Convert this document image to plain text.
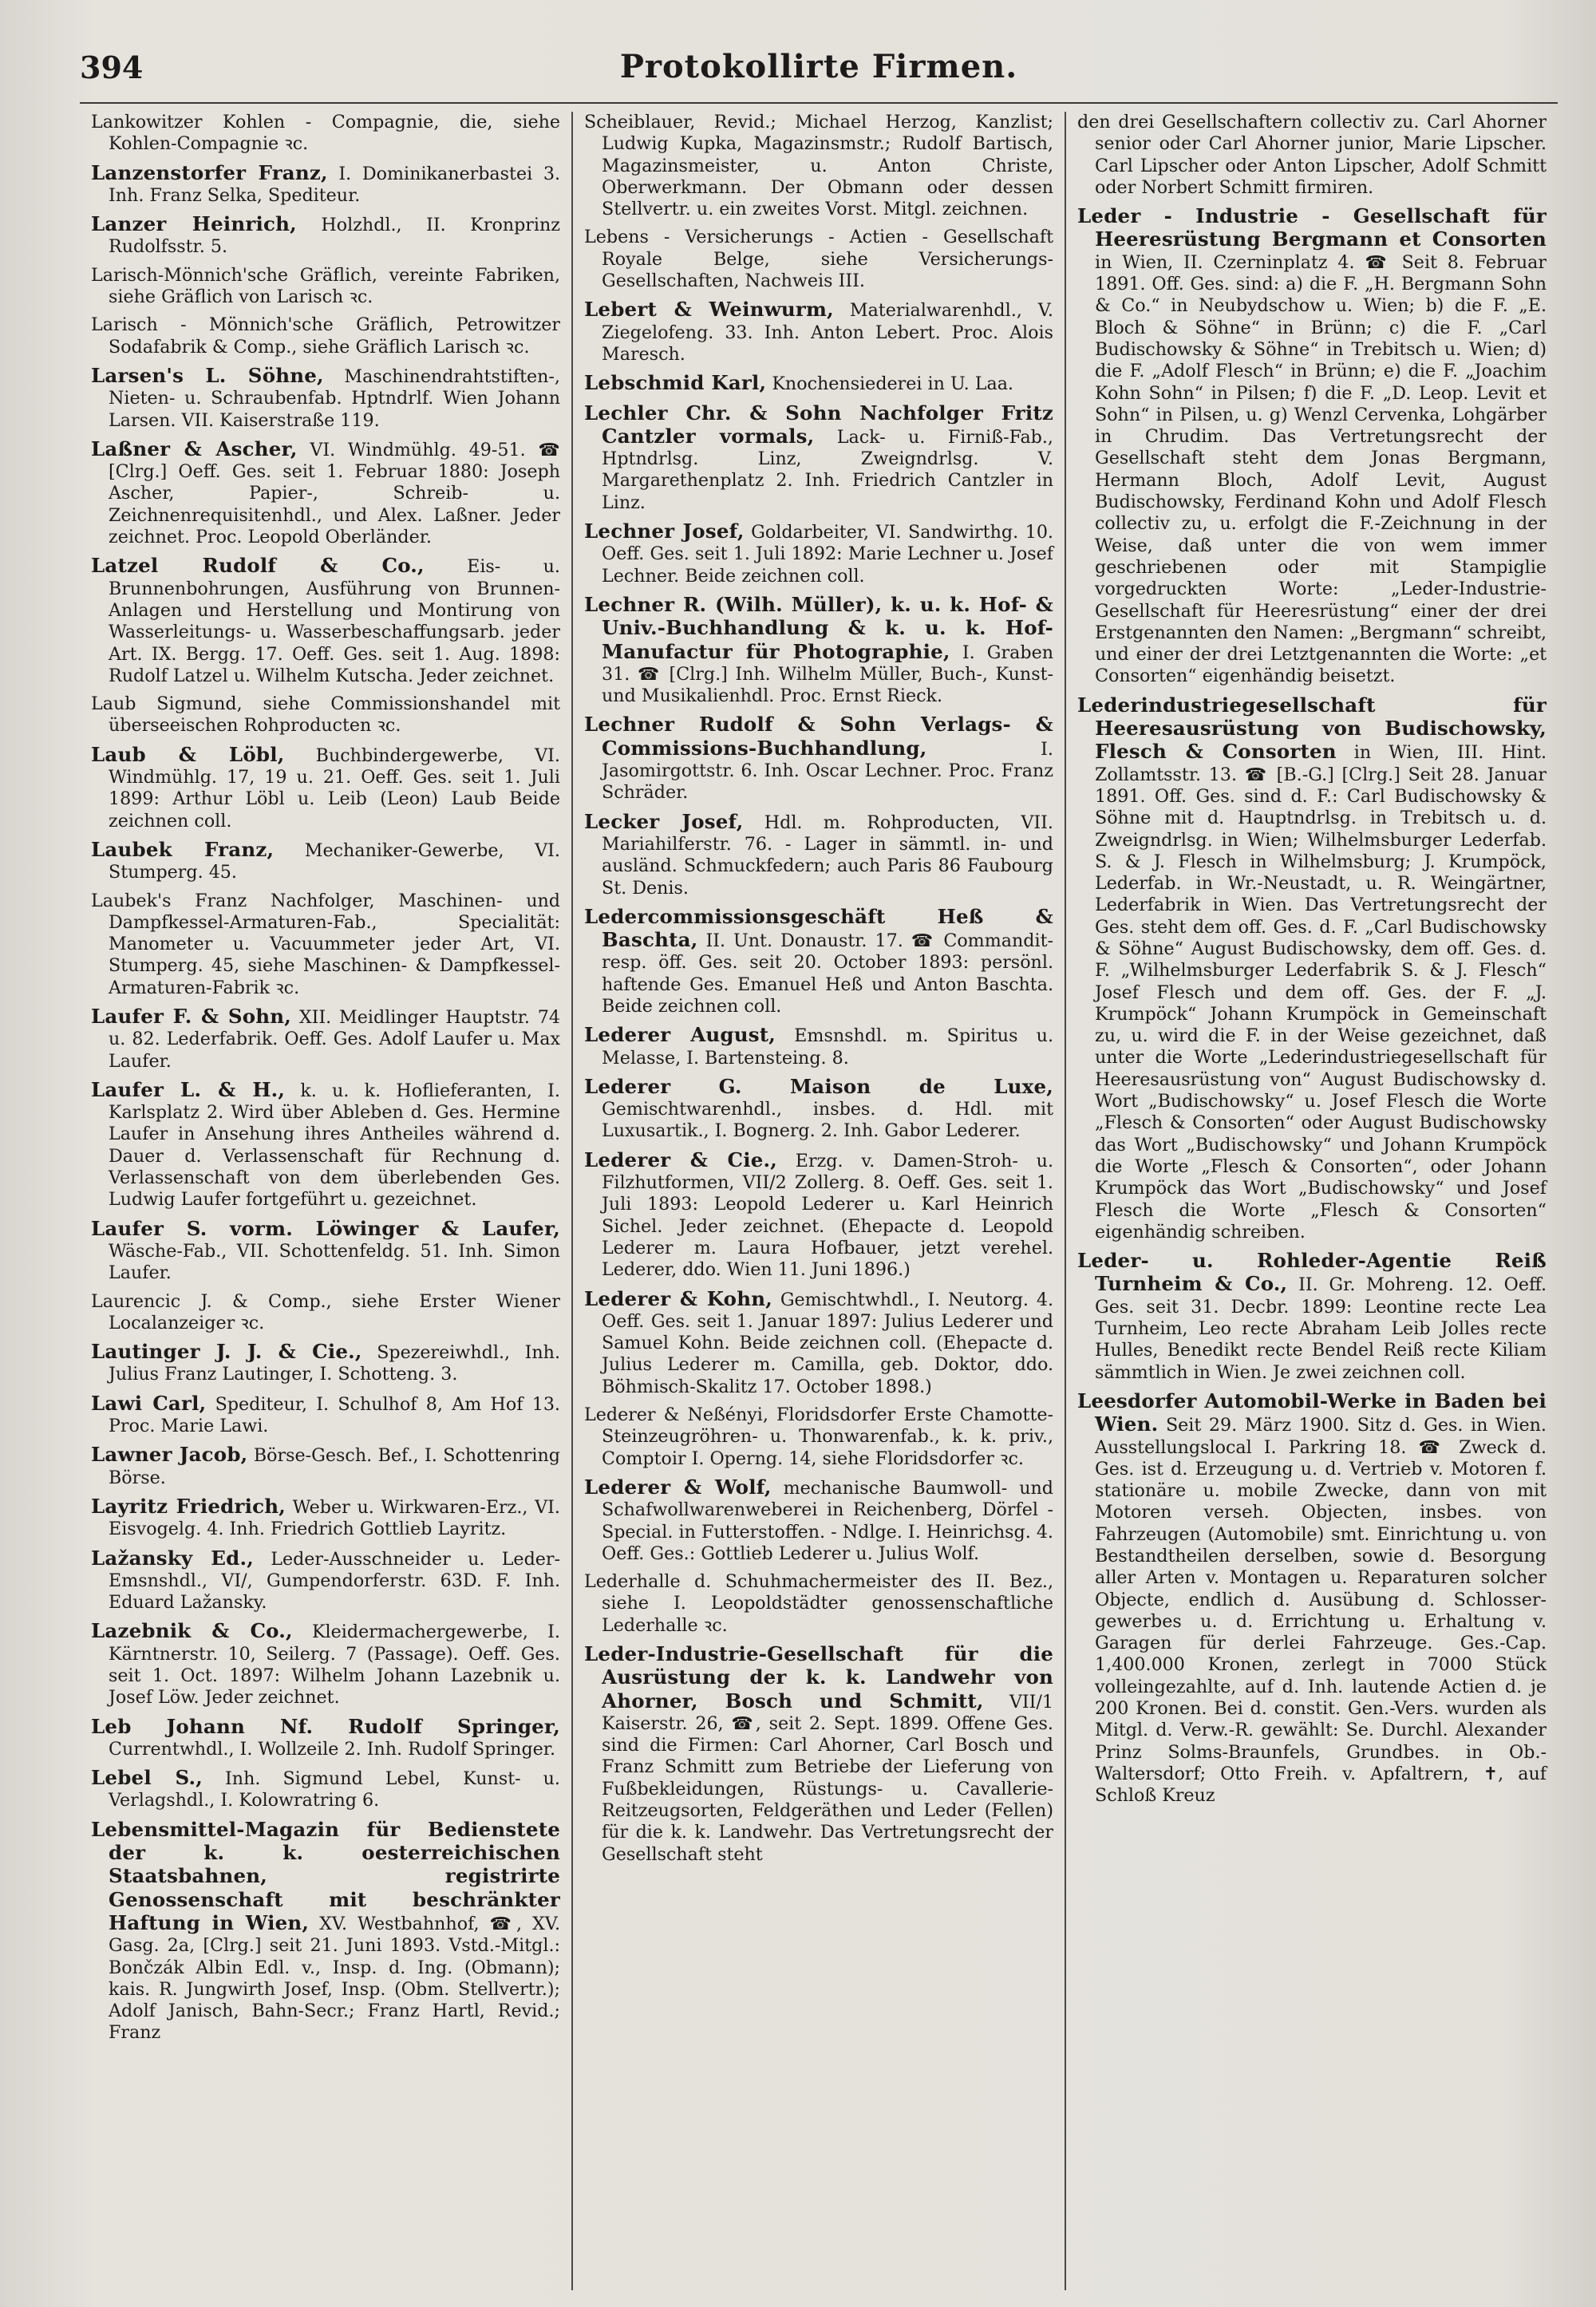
394	Protokollirte Firmen.

Lankowitzer Kohlen - Compagnie, die, siehe Kohlen-Compagnie ꝛc.

Lanzenstorfer Franz, I. Dominikanerbastei 3. Inh. Franz Selka, Spediteur.

Lanzer Heinrich, Holzhdl., II. Kronprinz Rudolfsstr. 5.

Larisch-Mönnich'sche Gräflich, vereinte Fabriken, siehe Gräflich von Larisch ꝛc.

Larisch - Mönnich'sche Gräflich, Petrowitzer Sodafabrik & Comp., siehe Gräflich Larisch ꝛc.

Larsen's L. Söhne, Maschinendrahtstiften-, Nieten- u. Schraubenfab. Hptndrlf. Wien Johann Larsen. VII. Kaiserstraße 119.

Laßner & Ascher, VI. Windmühlg. 49-51. ☎ [Clrg.] Oeff. Ges. seit 1. Februar 1880: Joseph Ascher, Papier-, Schreib- u. Zeichnenrequisitenhdl., und Alex. Laßner. Jeder zeichnet. Proc. Leopold Oberländer.

Latzel Rudolf & Co., Eis- u. Brunnenbohrungen, Ausführung von Brunnen-Anlagen und Herstellung und Montirung von Wasserleitungs- u. Wasserbeschaffungsarb. jeder Art. IX. Bergg. 17. Oeff. Ges. seit 1. Aug. 1898: Rudolf Latzel u. Wilhelm Kutscha. Jeder zeichnet.

Laub Sigmund, siehe Commissionshandel mit überseeischen Rohproducten ꝛc.

Laub & Löbl, Buchbindergewerbe, VI. Windmühlg. 17, 19 u. 21. Oeff. Ges. seit 1. Juli 1899: Arthur Löbl u. Leib (Leon) Laub Beide zeichnen coll.

Laubek Franz, Mechaniker-Gewerbe, VI. Stumperg. 45.

Laubek's Franz Nachfolger, Maschinen- und Dampfkessel-Armaturen-Fab., Specialität: Manometer u. Vacuummeter jeder Art, VI. Stumperg. 45, siehe Maschinen- & Dampfkessel-Armaturen-Fabrik ꝛc.

Laufer F. & Sohn, XII. Meidlinger Hauptstr. 74 u. 82. Lederfabrik. Oeff. Ges. Adolf Laufer u. Max Laufer.

Laufer L. & H., k. u. k. Hoflieferanten, I. Karlsplatz 2. Wird über Ableben d. Ges. Hermine Laufer in Ansehung ihres Antheiles während d. Dauer d. Verlassenschaft für Rechnung d. Verlassenschaft von dem überlebenden Ges. Ludwig Laufer fortgeführt u. gezeichnet.

Laufer S. vorm. Löwinger & Laufer, Wäsche-Fab., VII. Schottenfeldg. 51. Inh. Simon Laufer.

Laurencic J. & Comp., siehe Erster Wiener Localanzeiger ꝛc.

Lautinger J. J. & Cie., Spezereiwhdl., Inh. Julius Franz Lautinger, I. Schotteng. 3.

Lawi Carl, Spediteur, I. Schulhof 8, Am Hof 13. Proc. Marie Lawi.

Lawner Jacob, Börse-Gesch. Bef., I. Schottenring Börse.

Layritz Friedrich, Weber u. Wirkwaren-Erz., VI. Eisvogelg. 4. Inh. Friedrich Gottlieb Layritz.

Lažansky Ed., Leder-Ausschneider u. Leder-Emsnshdl., VI/, Gumpendorferstr. 63D. F. Inh. Eduard Lažansky.

Lazebnik & Co., Kleidermachergewerbe, I. Kärntnerstr. 10, Seilerg. 7 (Passage). Oeff. Ges. seit 1. Oct. 1897: Wilhelm Johann Lazebnik u. Josef Löw. Jeder zeichnet.

Leb Johann Nf. Rudolf Springer, Currentwhdl., I. Wollzeile 2. Inh. Rudolf Springer.

Lebel S., Inh. Sigmund Lebel, Kunst- u. Verlagshdl., I. Kolowratring 6.

Lebensmittel-Magazin für Bedienstete der k. k. oesterreichischen Staatsbahnen, registrirte Genossenschaft mit beschränkter Haftung in Wien, XV. Westbahnhof, ☎, XV. Gasg. 2a, [Clrg.] seit 21. Juni 1893. Vstd.-Mitgl.: Bončzák Albin Edl. v., Insp. d. Ing. (Obmann); kais. R. Jungwirth Josef, Insp. (Obm. Stellvertr.); Adolf Janisch, Bahn-Secr.; Franz Hartl, Revid.; Franz

Scheiblauer, Revid.; Michael Herzog, Kanzlist; Ludwig Kupka, Magazinsmstr.; Rudolf Bartisch, Magazinsmeister, u. Anton Christe, Oberwerkmann. Der Obmann oder dessen Stellvertr. u. ein zweites Vorst. Mitgl. zeichnen.

Lebens - Versicherungs - Actien - Gesellschaft Royale Belge, siehe Versicherungs-Gesellschaften, Nachweis III.

Lebert & Weinwurm, Materialwarenhdl., V. Ziegelofeng. 33. Inh. Anton Lebert. Proc. Alois Maresch.

Lebschmid Karl, Knochensiederei in U. Laa.

Lechler Chr. & Sohn Nachfolger Fritz Cantzler vormals, Lack- u. Firniß-Fab., Hptndrlsg. Linz, Zweigndrlsg. V. Margarethenplatz 2. Inh. Friedrich Cantzler in Linz.

Lechner Josef, Goldarbeiter, VI. Sandwirthg. 10. Oeff. Ges. seit 1. Juli 1892: Marie Lechner u. Josef Lechner. Beide zeichnen coll.

Lechner R. (Wilh. Müller), k. u. k. Hof- & Univ.-Buchhandlung & k. u. k. Hof-Manufactur für Photographie, I. Graben 31. ☎ [Clrg.] Inh. Wilhelm Müller, Buch-, Kunst- und Musikalienhdl. Proc. Ernst Rieck.

Lechner Rudolf & Sohn Verlags- & Commissions-Buchhandlung,	I. Jasomirgottstr. 6. Inh. Oscar Lechner. Proc. Franz Schräder.

Lecker Josef, Hdl. m. Rohproducten, VII. Mariahilferstr. 76. - Lager in sämmtl. in- und ausländ. Schmuckfedern; auch Paris 86 Faubourg St. Denis.

Ledercommissionsgeschäft Heß & Baschta, II. Unt. Donaustr. 17. ☎ Commandit- resp. öff. Ges. seit 20. October 1893: persönl. haftende Ges. Emanuel Heß und Anton Baschta. Beide zeichnen coll.

Lederer August, Emsnshdl. m. Spiritus u. Melasse, I. Bartensteing. 8.

Lederer G. Maison de Luxe, Gemischtwarenhdl., insbes. d. Hdl. mit Luxusartik., I. Bognerg. 2. Inh. Gabor Lederer.

Lederer & Cie., Erzg. v. Damen-Stroh- u. Filzhutformen, VII/2 Zollerg. 8. Oeff. Ges. seit 1. Juli 1893: Leopold Lederer u. Karl Heinrich Sichel. Jeder zeichnet. (Ehepacte d. Leopold Lederer m. Laura Hofbauer, jetzt verehel. Lederer, ddo. Wien 11. Juni 1896.)

Lederer & Kohn, Gemischtwhdl., I. Neutorg. 4. Oeff. Ges. seit 1. Januar 1897: Julius Lederer und Samuel Kohn. Beide zeichnen coll. (Ehepacte d. Julius Lederer m. Camilla, geb. Doktor, ddo. Böhmisch-Skalitz 17. October 1898.)

Lederer & Neßényi, Floridsdorfer Erste Chamotte-Steinzeugröhren- u. Thonwarenfab., k. k. priv., Comptoir I. Operng. 14, siehe Floridsdorfer ꝛc.

Lederer & Wolf, mechanische Baumwoll- und Schafwollwarenweberei in Reichenberg, Dörfel - Special. in Futterstoffen. - Ndlge. I. Heinrichsg. 4. Oeff. Ges.: Gottlieb Lederer u. Julius Wolf.

Lederhalle d. Schuhmachermeister des II. Bez., siehe I. Leopoldstädter genossenschaftliche Lederhalle ꝛc.

Leder-Industrie-Gesellschaft für die Ausrüstung der k. k. Landwehr von Ahorner, Bosch und Schmitt, VII/1 Kaiserstr. 26, ☎, seit 2. Sept. 1899. Offene Ges. sind die Firmen: Carl Ahorner, Carl Bosch und Franz Schmitt zum Betriebe der Lieferung von Fußbekleidungen, Rüstungs- u. Cavallerie-Reitzeugsorten, Feldgeräthen und Leder (Fellen) für die k. k. Landwehr. Das Vertretungsrecht der Gesellschaft steht

den drei Gesellschaftern collectiv zu. Carl Ahorner senior oder Carl Ahorner junior, Marie Lipscher. Carl Lipscher oder Anton Lipscher, Adolf Schmitt oder Norbert Schmitt firmiren.

Leder - Industrie - Gesellschaft für Heeresrüstung Bergmann et Consorten in Wien, II. Czerninplatz 4. ☎ Seit 8. Februar 1891. Off. Ges. sind: a) die F. „H. Bergmann Sohn & Co.“ in Neubydschow u. Wien; b) die F. „E. Bloch & Söhne“ in Brünn; c) die F. „Carl Budischowsky & Söhne“ in Trebitsch u. Wien; d) die F. „Adolf Flesch“ in Brünn; e) die F. „Joachim Kohn Sohn“ in Pilsen; f) die F. „D. Leop. Levit et Sohn“ in Pilsen, u. g) Wenzl Cervenka, Lohgärber in Chrudim. Das Vertretungsrecht der Gesellschaft steht dem Jonas Bergmann, Hermann Bloch, Adolf Levit, August Budischowsky, Ferdinand Kohn und Adolf Flesch collectiv zu, u. erfolgt die F.-Zeichnung in der Weise, daß unter die von wem immer geschriebenen oder mit Stampiglie vorgedruckten Worte: „Leder-Industrie-Gesellschaft für Heeresrüstung“ einer der drei Erstgenannten den Namen: „Bergmann“ schreibt, und einer der drei Letztgenannten die Worte: „et Consorten“ eigenhändig beisetzt.

Lederindustriegesellschaft für Heeresausrüstung von Budischowsky, Flesch & Consorten in Wien, III. Hint. Zollamtsstr. 13. ☎ [B.-G.] [Clrg.] Seit 28. Januar 1891. Off. Ges. sind d. F.: Carl Budischowsky & Söhne mit d. Hauptndrlsg. in Trebitsch u. d. Zweigndrlsg. in Wien; Wilhelmsburger Lederfab. S. & J. Flesch in Wilhelmsburg; J. Krumpöck, Lederfab. in Wr.-Neustadt, u. R. Weingärtner, Lederfabrik in Wien. Das Vertretungsrecht der Ges. steht dem off. Ges. d. F. „Carl Budischowsky & Söhne“ August Budischowsky, dem off. Ges. d. F. „Wilhelmsburger Lederfabrik S. & J. Flesch“ Josef Flesch und dem off. Ges. der F. „J. Krumpöck“ Johann Krumpöck in Gemeinschaft zu, u. wird die F. in der Weise gezeichnet, daß unter die Worte „Lederindustriegesellschaft für Heeresausrüstung von“ August Budischowsky d. Wort „Budischowsky“ u. Josef Flesch die Worte „Flesch & Consorten“ oder August Budischowsky das Wort „Budischowsky“ und Johann Krumpöck die Worte „Flesch & Consorten“, oder Johann Krumpöck das Wort „Budischowsky“ und Josef Flesch die Worte „Flesch & Consorten“ eigenhändig schreiben.

Leder- u. Rohleder-Agentie Reiß Turnheim & Co., II. Gr. Mohreng. 12. Oeff. Ges. seit 31. Decbr. 1899: Leontine recte Lea Turnheim, Leo recte Abraham Leib Jolles recte Hulles, Benedikt recte Bendel Reiß recte Kiliam sämmtlich in Wien. Je zwei zeichnen coll.

Leesdorfer Automobil-Werke in Baden bei Wien. Seit 29. März 1900. Sitz d. Ges. in Wien. Ausstellungslocal I. Parkring 18. ☎ Zweck d. Ges. ist d. Erzeugung u. d. Vertrieb v. Motoren f. stationäre u. mobile Zwecke, dann von mit Motoren verseh. Objecten, insbes. von Fahrzeugen (Automobile) smt. Einrichtung u. von Bestandtheilen derselben, sowie d. Besorgung aller Arten v. Montagen u. Reparaturen solcher Objecte, endlich d. Ausübung d. Schlosser- gewerbes u. d. Errichtung u. Erhaltung v. Garagen für derlei Fahrzeuge. Ges.-Cap. 1,400.000 Kronen, zerlegt in 7000 Stück volleingezahlte, auf d. Inh. lautende Actien d. je 200 Kronen. Bei d. constit. Gen.-Vers. wurden als Mitgl. d. Verw.-R. gewählt: Se. Durchl. Alexander Prinz Solms-Braunfels, Grundbes. in Ob.-Waltersdorf; Otto Freih. v. Apfaltrern, ✝, auf Schloß Kreuz
